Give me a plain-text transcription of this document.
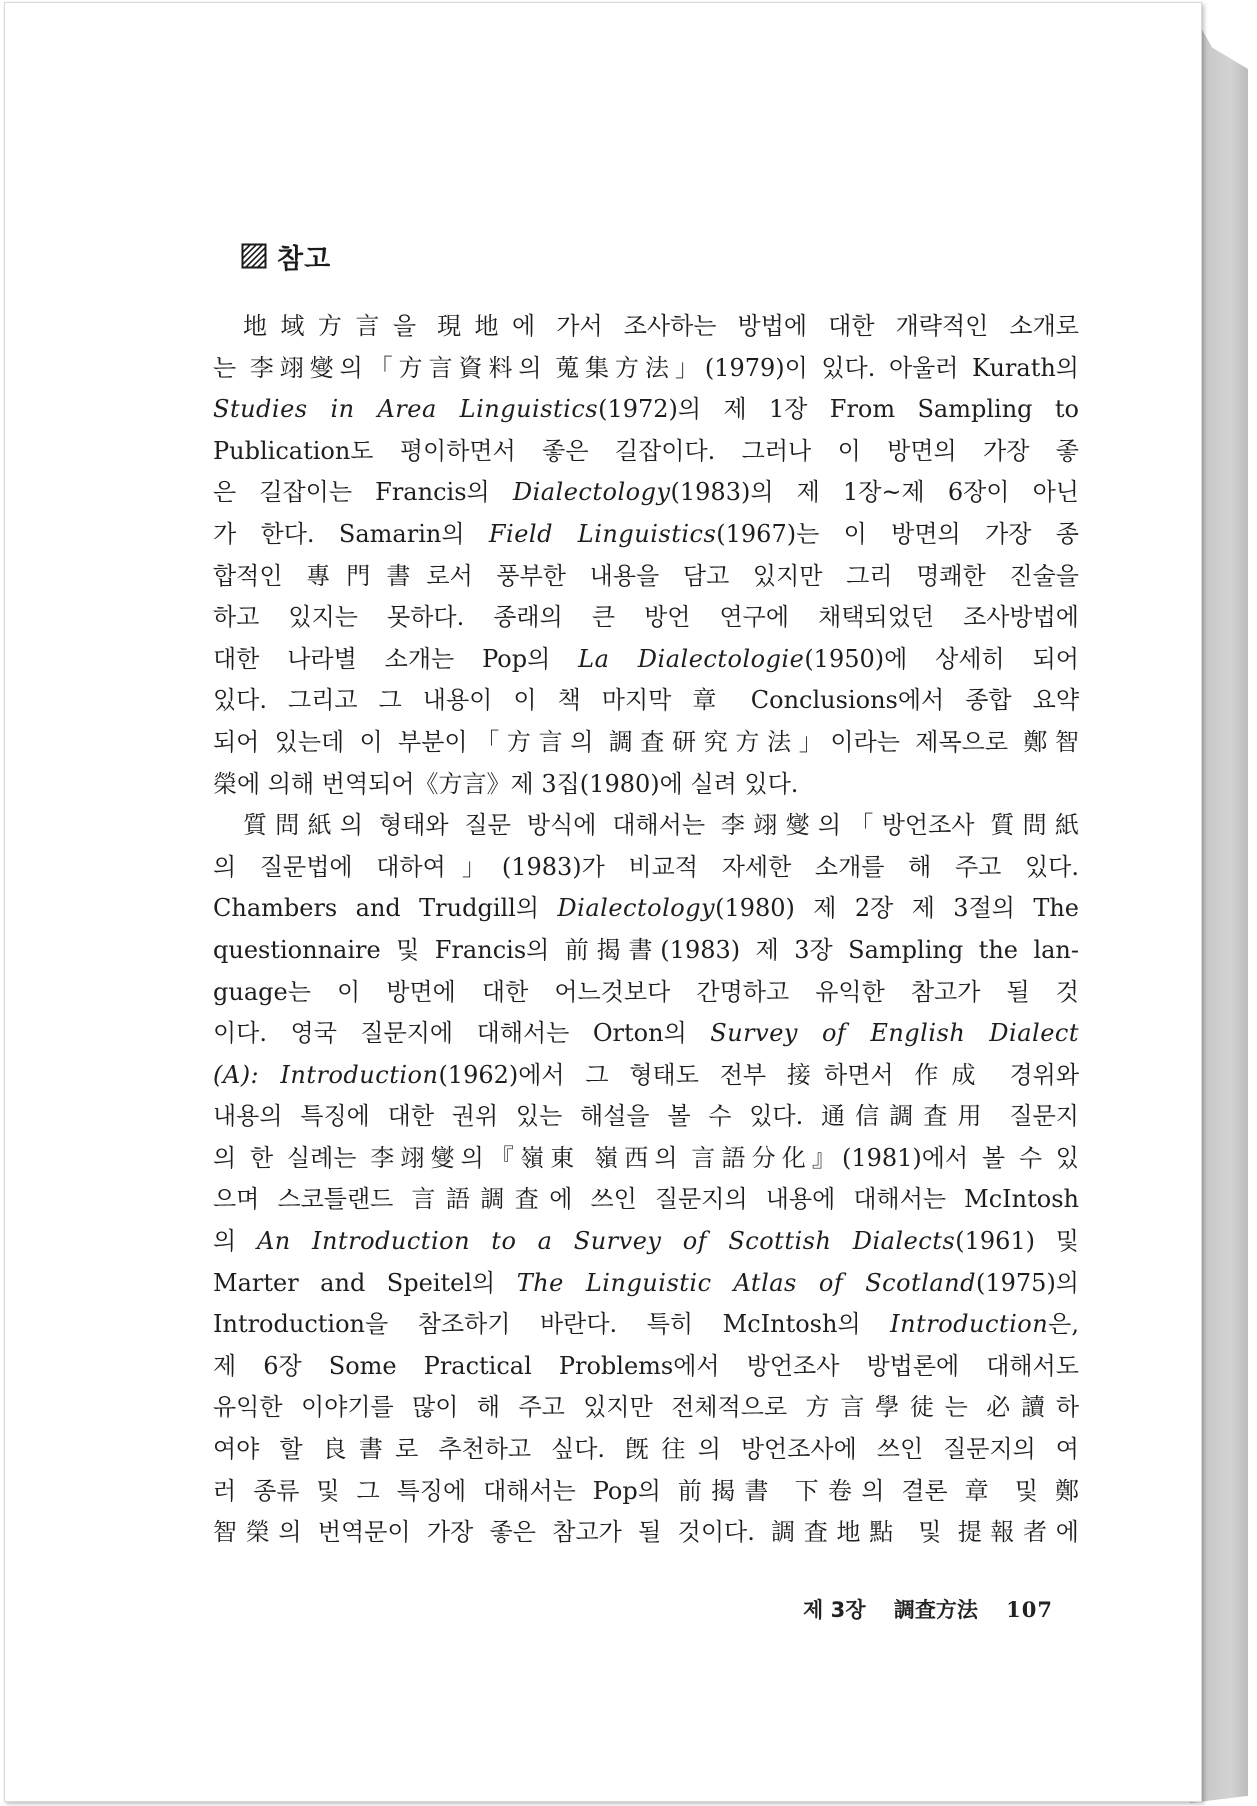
참고
地域方言을 現地에 가서 조사하는 방법에 대한 개략적인 소개로
는 李翊燮의「方言資料의 蒐集方法」(1979)이 있다. 아울러 Kurath의
Studies in Area Linguistics(1972)의 제 1장 From Sampling to
Publication도 평이하면서 좋은 길잡이다. 그러나 이 방면의 가장 좋
은 길잡이는 Francis의 Dialectology(1983)의 제 1장~제 6장이 아닌
가 한다. Samarin의 Field Linguistics(1967)는 이 방면의 가장 종
합적인 專門書로서 풍부한 내용을 담고 있지만 그리 명쾌한 진술을
하고 있지는 못하다. 종래의 큰 방언 연구에 채택되었던 조사방법에
대한 나라별 소개는 Pop의 La Dialectologie(1950)에 상세히 되어
있다. 그리고 그 내용이 이 책 마지막 章 Conclusions에서 종합 요약
되어 있는데 이 부분이「方言의 調査研究方法」이라는 제목으로 鄭智
榮에 의해 번역되어《方言》제 3집(1980)에 실려 있다.
質問紙의 형태와 질문 방식에 대해서는 李翊燮의「방언조사 質問紙
의 질문법에 대하여」(1983)가 비교적 자세한 소개를 해 주고 있다.
Chambers and Trudgill의 Dialectology(1980) 제 2장 제 3절의 The
questionnaire 및 Francis의 前揭書(1983) 제 3장 Sampling the lan-
guage는 이 방면에 대한 어느것보다 간명하고 유익한 참고가 될 것
이다. 영국 질문지에 대해서는 Orton의 Survey of English Dialect
(A): Introduction(1962)에서 그 형태도 전부 接하면서 作成 경위와
내용의 특징에 대한 권위 있는 해설을 볼 수 있다. 通信調査用 질문지
의 한 실례는 李翊燮의『嶺東 嶺西의 言語分化』(1981)에서 볼 수 있
으며 스코틀랜드 言語調査에 쓰인 질문지의 내용에 대해서는 McIntosh
의 An Introduction to a Survey of Scottish Dialects(1961) 및
Marter and Speitel의 The Linguistic Atlas of Scotland(1975)의
Introduction을 참조하기 바란다. 특히 McIntosh의 Introduction은,
제 6장 Some Practical Problems에서 방언조사 방법론에 대해서도
유익한 이야기를 많이 해 주고 있지만 전체적으로 方言學徒는 必讀하
여야 할 良書로 추천하고 싶다. 旣往의 방언조사에 쓰인 질문지의 여
러 종류 및 그 특징에 대해서는 Pop의 前揭書 下卷의 결론 章 및 鄭
智榮의 번역문이 가장 좋은 참고가 될 것이다. 調査地點 및 提報者에
제 3장 調査方法 107
